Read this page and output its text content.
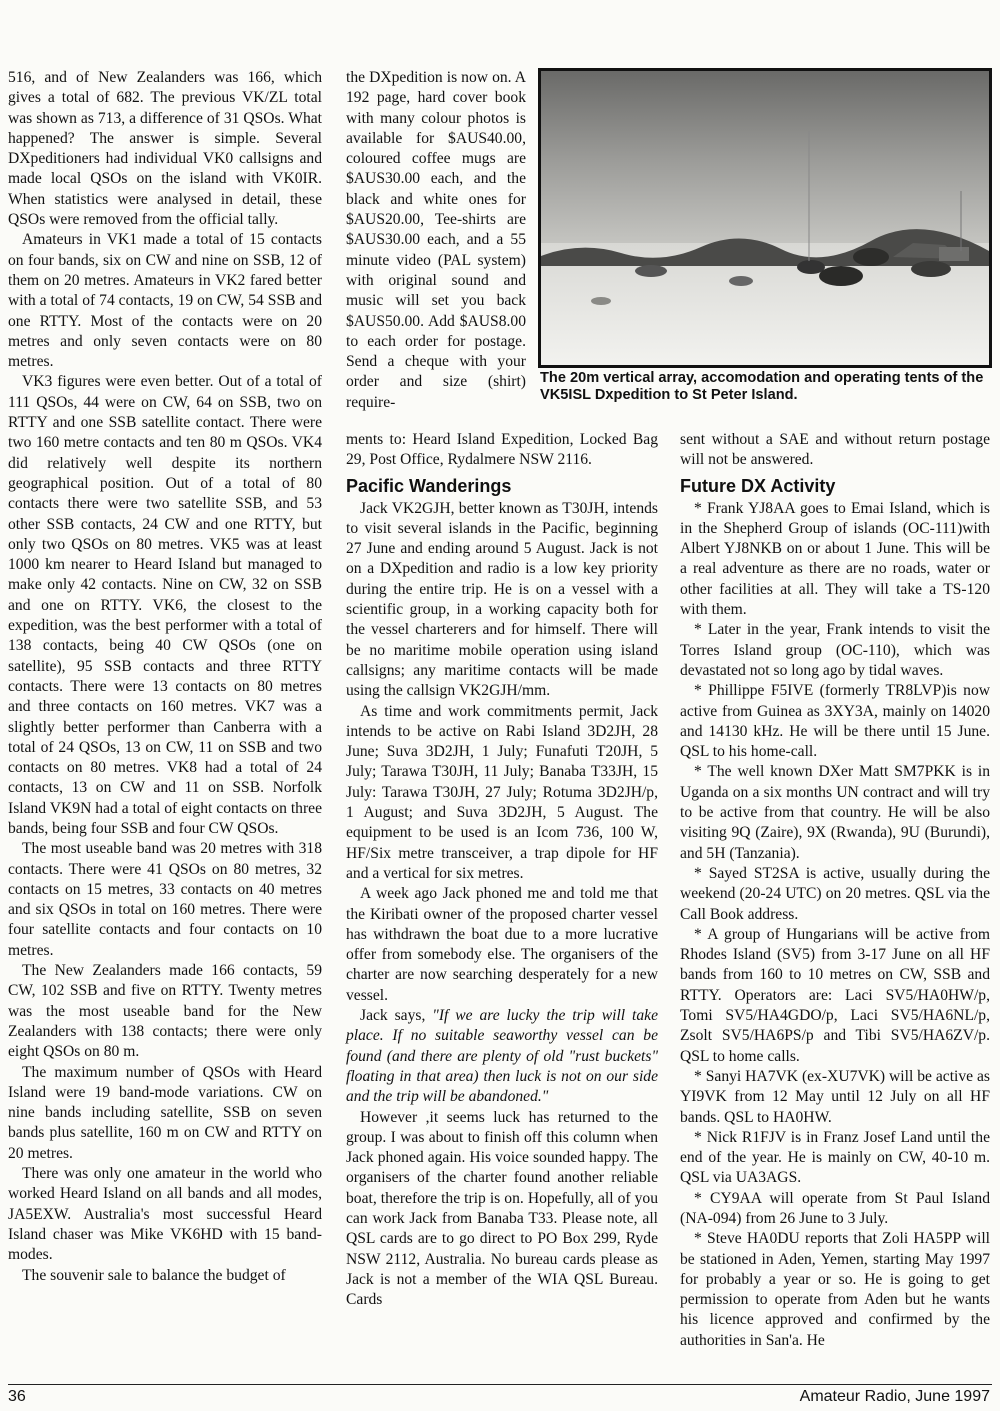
516, and of New Zealanders was 166, which gives a total of 682. The previous VK/ZL total was shown as 713, a difference of 31 QSOs. What happened? The answer is simple. Several DXpeditioners had individual VK0 callsigns and made local QSOs on the island with VK0IR. When statistics were analysed in detail, these QSOs were removed from the official tally.

Amateurs in VK1 made a total of 15 contacts on four bands, six on CW and nine on SSB, 12 of them on 20 metres. Amateurs in VK2 fared better with a total of 74 contacts, 19 on CW, 54 SSB and one RTTY. Most of the contacts were on 20 metres and only seven contacts were on 80 metres.

VK3 figures were even better. Out of a total of 111 QSOs, 44 were on CW, 64 on SSB, two on RTTY and one SSB satellite contact. There were two 160 metre contacts and ten 80 m QSOs. VK4 did relatively well despite its northern geographical position. Out of a total of 80 contacts there were two satellite SSB, and 53 other SSB contacts, 24 CW and one RTTY, but only two QSOs on 80 metres. VK5 was at least 1000 km nearer to Heard Island but managed to make only 42 contacts. Nine on CW, 32 on SSB and one on RTTY. VK6, the closest to the expedition, was the best performer with a total of 138 contacts, being 40 CW QSOs (one on satellite), 95 SSB contacts and three RTTY contacts. There were 13 contacts on 80 metres and three contacts on 160 metres. VK7 was a slightly better performer than Canberra with a total of 24 QSOs, 13 on CW, 11 on SSB and two contacts on 80 metres. VK8 had a total of 24 contacts, 13 on CW and 11 on SSB. Norfolk Island VK9N had a total of eight contacts on three bands, being four SSB and four CW QSOs.

The most useable band was 20 metres with 318 contacts. There were 41 QSOs on 80 metres, 32 contacts on 15 metres, 33 contacts on 40 metres and six QSOs in total on 160 metres. There were four satellite contacts and four contacts on 10 metres.

The New Zealanders made 166 contacts, 59 CW, 102 SSB and five on RTTY. Twenty metres was the most useable band for the New Zealanders with 138 contacts; there were only eight QSOs on 80 m.

The maximum number of QSOs with Heard Island were 19 band-mode variations. CW on nine bands including satellite, SSB on seven bands plus satellite, 160 m on CW and RTTY on 20 metres.

There was only one amateur in the world who worked Heard Island on all bands and all modes, JA5EXW. Australia's most successful Heard Island chaser was Mike VK6HD with 15 band-modes.

The souvenir sale to balance the budget of

the DXpedition is now on. A 192 page, hard cover book with many colour photos is available for $AUS40.00, coloured coffee mugs are $AUS30.00 each, and the black and white ones for $AUS20.00, Tee-shirts are $AUS30.00 each, and a 55 minute video (PAL system) with original sound and music will set you back $AUS50.00. Add $AUS8.00 to each order for postage. Send a cheque with your order and size (shirt) require-

The 20m vertical array, accomodation and operating tents of the VK5ISL Dxpedition to St Peter Island.

ments to: Heard Island Expedition, Locked Bag 29, Post Office, Rydalmere NSW 2116.

Pacific Wanderings

Jack VK2GJH, better known as T30JH, intends to visit several islands in the Pacific, beginning 27 June and ending around 5 August. Jack is not on a DXpedition and radio is a low key priority during the entire trip. He is on a vessel with a scientific group, in a working capacity both for the vessel charterers and for himself. There will be no maritime mobile operation using island callsigns; any maritime contacts will be made using the callsign VK2GJH/mm.

As time and work commitments permit, Jack intends to be active on Rabi Island 3D2JH, 28 June; Suva 3D2JH, 1 July; Funafuti T20JH, 5 July; Tarawa T30JH, 11 July; Banaba T33JH, 15 July: Tarawa T30JH, 27 July; Rotuma 3D2JH/p, 1 August; and Suva 3D2JH, 5 August. The equipment to be used is an Icom 736, 100 W, HF/Six metre transceiver, a trap dipole for HF and a vertical for six metres.

A week ago Jack phoned me and told me that the Kiribati owner of the proposed charter vessel has withdrawn the boat due to a more lucrative offer from somebody else. The organisers of the charter are now searching desperately for a new vessel.

Jack says, "If we are lucky the trip will take place. If no suitable seaworthy vessel can be found (and there are plenty of old "rust buckets" floating in that area) then luck is not on our side and the trip will be abandoned."

However ,it seems luck has returned to the group. I was about to finish off this column when Jack phoned again. His voice sounded happy. The organisers of the charter found another reliable boat, therefore the trip is on. Hopefully, all of you can work Jack from Banaba T33. Please note, all QSL cards are to go direct to PO Box 299, Ryde NSW 2112, Australia. No bureau cards please as Jack is not a member of the WIA QSL Bureau. Cards

sent without a SAE and without return postage will not be answered.

Future DX Activity

* Frank YJ8AA goes to Emai Island, which is in the Shepherd Group of islands (OC-111)with Albert YJ8NKB on or about 1 June. This will be a real adventure as there are no roads, water or other facilities at all. They will take a TS-120 with them.

* Later in the year, Frank intends to visit the Torres Island group (OC-110), which was devastated not so long ago by tidal waves.

* Phillippe F5IVE (formerly TR8LVP)is now active from Guinea as 3XY3A, mainly on 14020 and 14130 kHz. He will be there until 15 June. QSL to his home-call.

* The well known DXer Matt SM7PKK is in Uganda on a six months UN contract and will try to be active from that country. He will be also visiting 9Q (Zaire), 9X (Rwanda), 9U (Burundi), and 5H (Tanzania).

* Sayed ST2SA is active, usually during the weekend (20-24 UTC) on 20 metres. QSL via the Call Book address.

* A group of Hungarians will be active from Rhodes Island (SV5) from 3-17 June on all HF bands from 160 to 10 metres on CW, SSB and RTTY. Operators are: Laci SV5/HA0HW/p, Tomi SV5/HA4GDO/p, Laci SV5/HA6NL/p, Zsolt SV5/HA6PS/p and Tibi SV5/HA6ZV/p. QSL to home calls.

* Sanyi HA7VK (ex-XU7VK) will be active as YI9VK from 12 May until 12 July on all HF bands. QSL to HA0HW.

* Nick R1FJV is in Franz Josef Land until the end of the year. He is mainly on CW, 40-10 m. QSL via UA3AGS.

* CY9AA will operate from St Paul Island (NA-094) from 26 June to 3 July.

* Steve HA0DU reports that Zoli HA5PP will be stationed in Aden, Yemen, starting May 1997 for probably a year or so. He is going to get permission to operate from Aden but he wants his licence approved and confirmed by the authorities in San'a. He

36	Amateur Radio, June 1997
